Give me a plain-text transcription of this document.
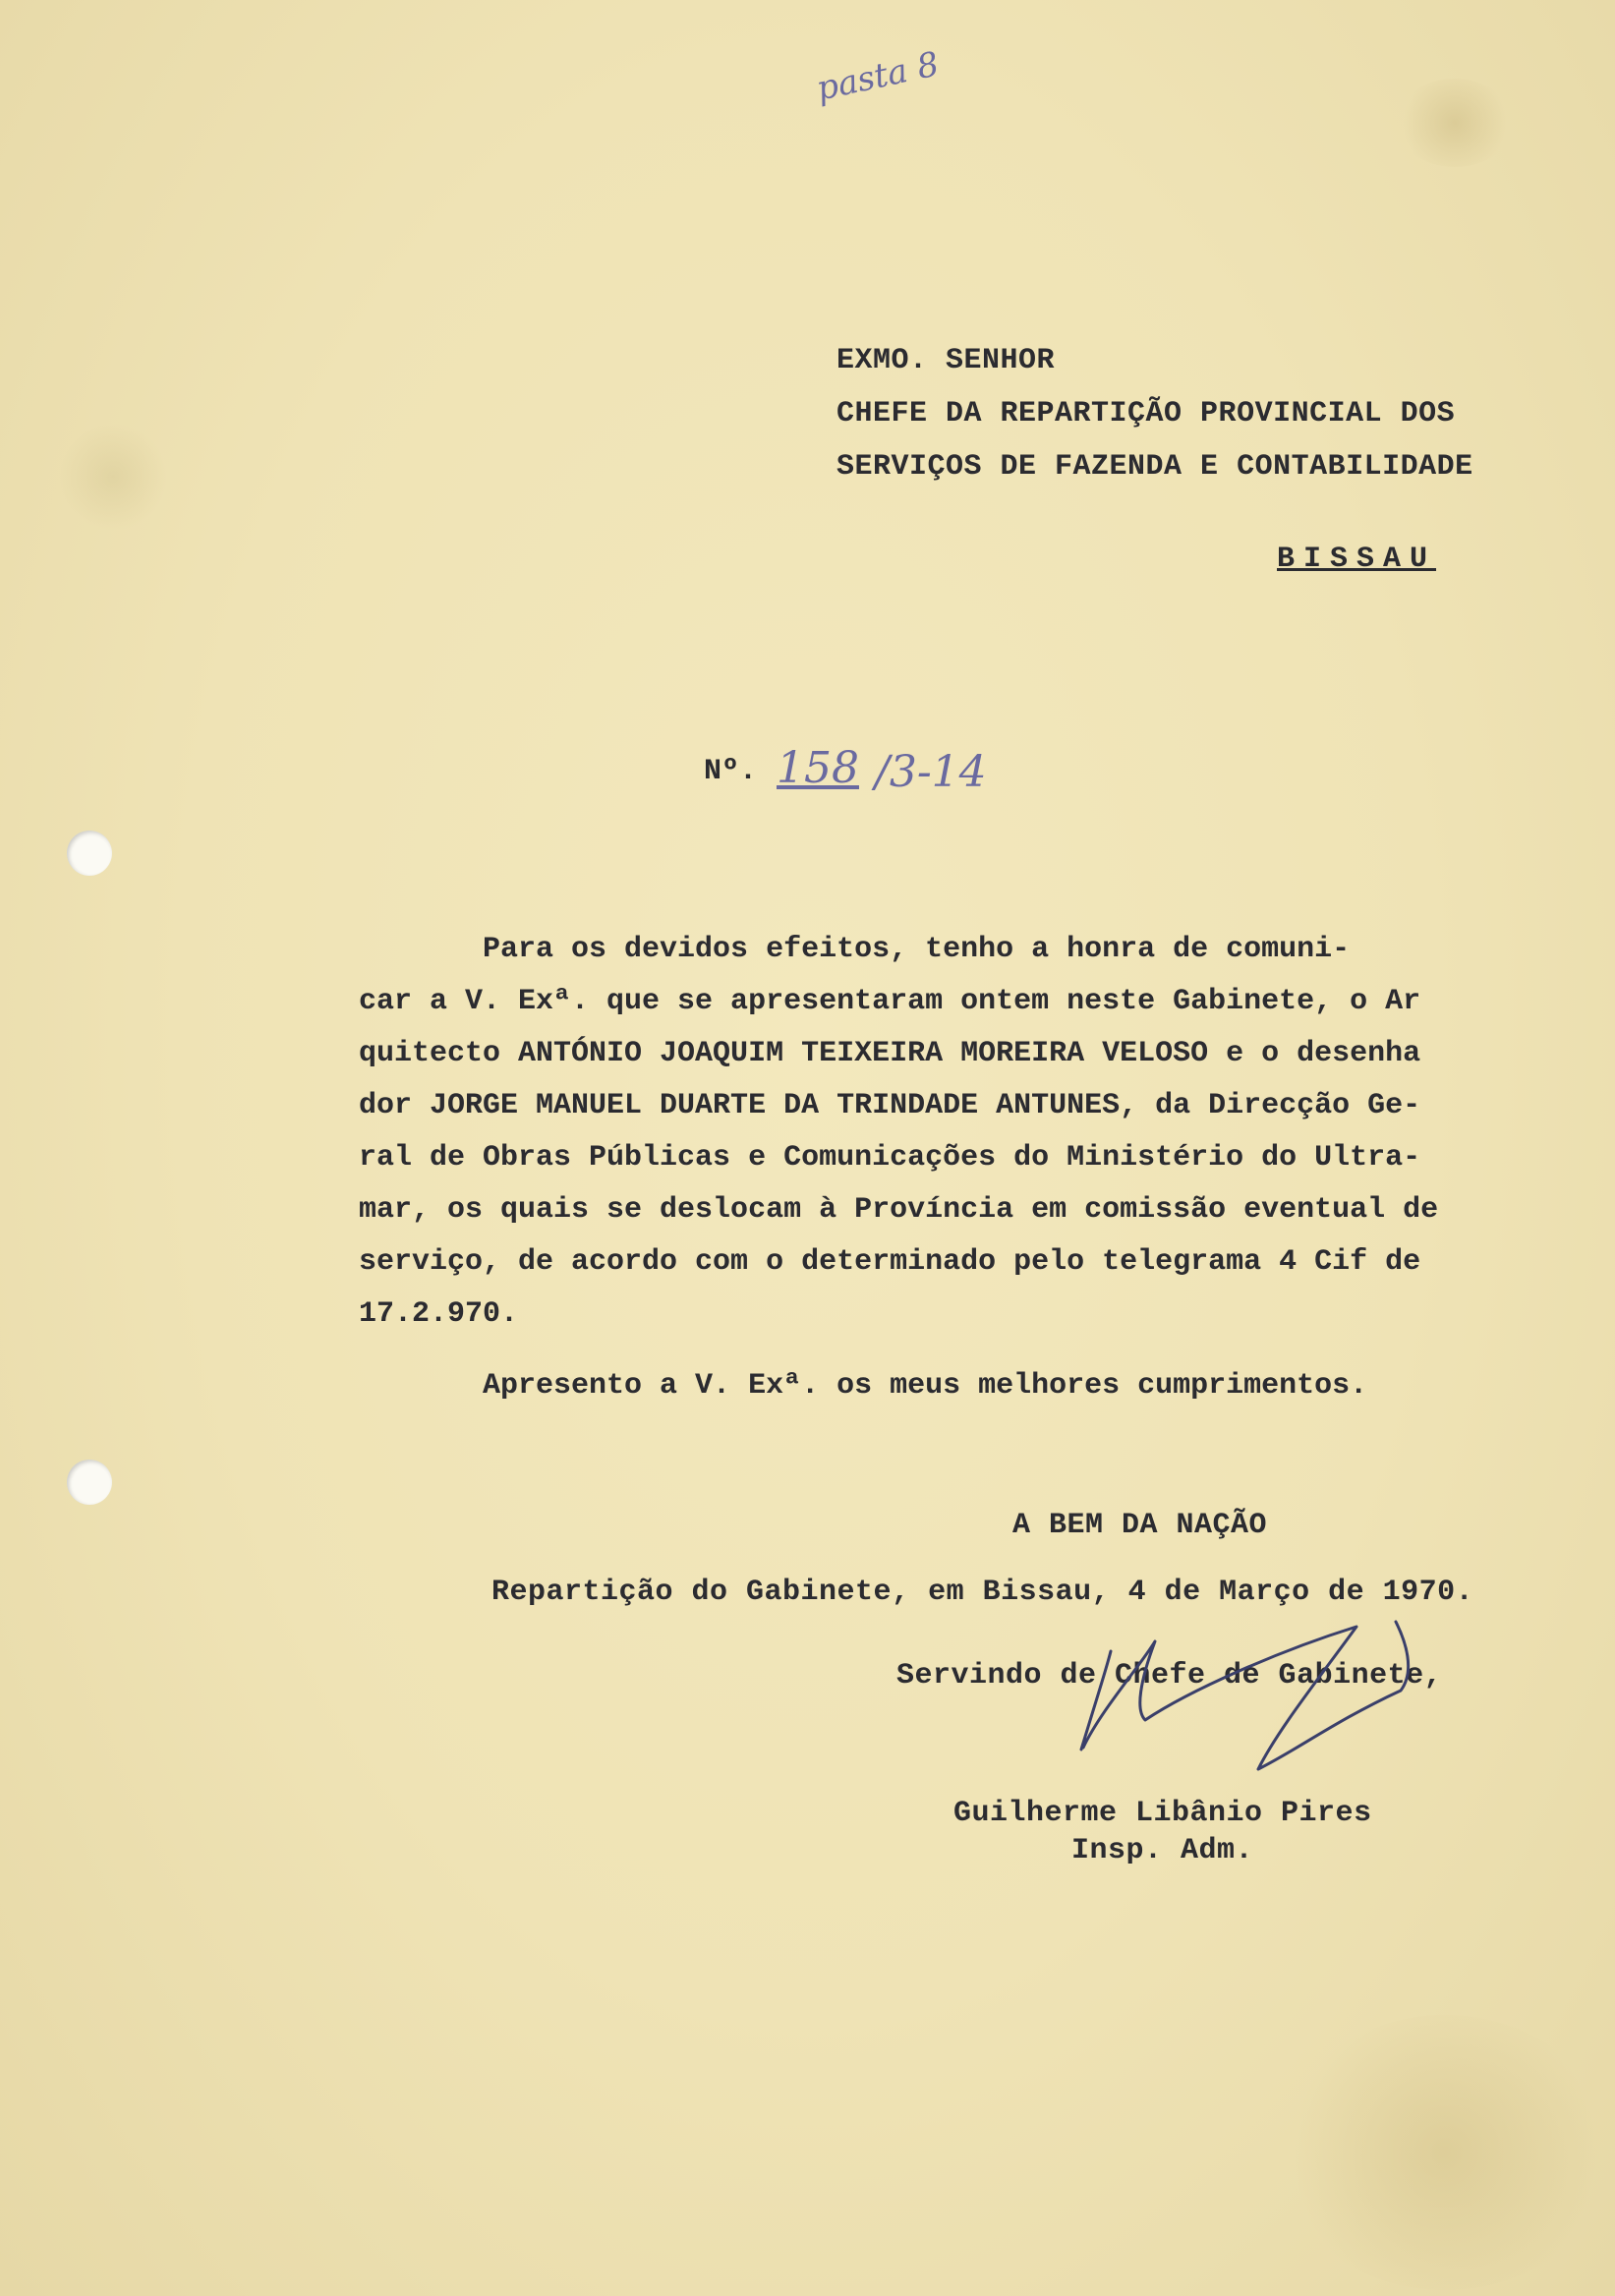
pasta 8
EXMO. SENHOR
CHEFE DA REPARTIÇÃO PROVINCIAL DOS
SERVIÇOS DE FAZENDA E CONTABILIDADE
BISSAU
Nº. 158 /3-14
Para os devidos efeitos, tenho a honra de comuni-
car a V. Exª. que se apresentaram ontem neste Gabinete, o Ar
quitecto ANTÓNIO JOAQUIM TEIXEIRA MOREIRA VELOSO e o desenha
dor JORGE MANUEL DUARTE DA TRINDADE ANTUNES, da Direcção Ge-
ral de Obras Públicas e Comunicações do Ministério do Ultra-
mar, os quais se deslocam à Província em comissão eventual de
serviço, de acordo com o determinado pelo telegrama 4 Cif de
17.2.970.
Apresento a V. Exª. os meus melhores cumprimentos.
A BEM DA NAÇÃO
Repartição do Gabinete, em Bissau, 4 de Março de 1970.
Servindo de Chefe de Gabinete,
Guilherme Libânio Pires
Insp. Adm.
